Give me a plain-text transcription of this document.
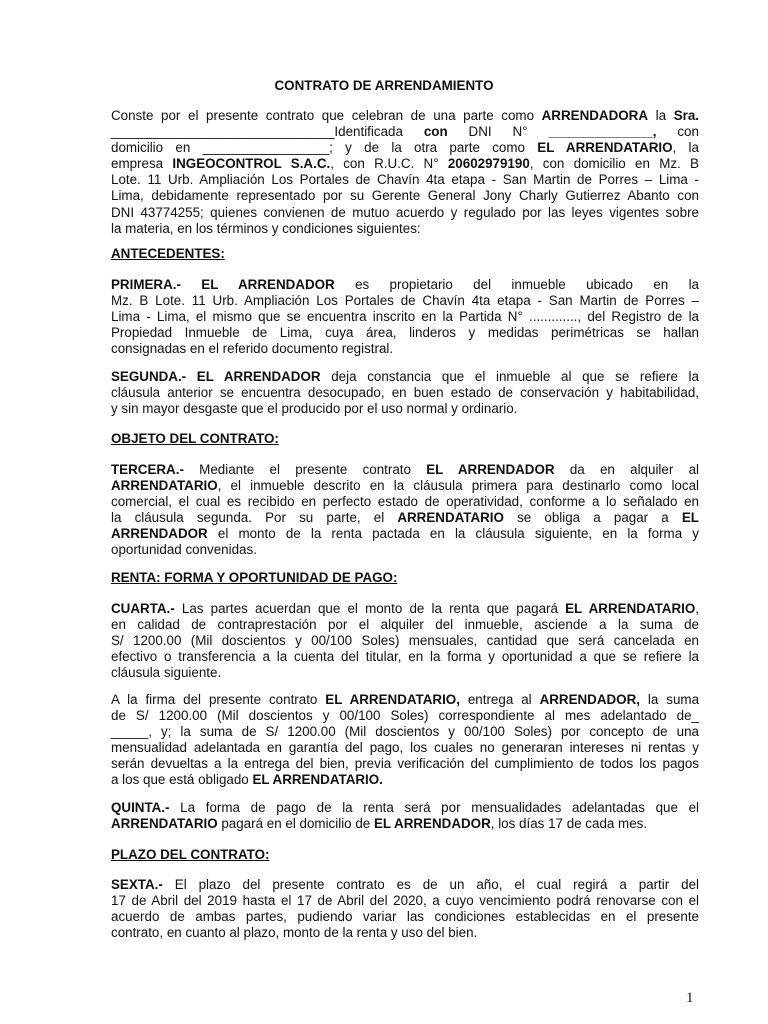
CONTRATO DE ARRENDAMIENTO
Conste por el presente contrato que celebran de una parte como ARRENDADORA la Sra.
______________________________Identificada con DNI N° ______________, con
domicilio en _________________; y de la otra parte como EL ARRENDATARIO, la
empresa INGEOCONTROL S.A.C., con R.U.C. N° 20602979190, con domicilio en Mz. B
Lote. 11 Urb. Ampliación Los Portales de Chavín 4ta etapa - San Martin de Porres – Lima -
Lima, debidamente representado por su Gerente General Jony Charly Gutierrez Abanto con
DNI 43774255; quienes convienen de mutuo acuerdo y regulado por las leyes vigentes sobre
la materia, en los términos y condiciones siguientes:
ANTECEDENTES:
PRIMERA.- EL ARRENDADOR es propietario del inmueble ubicado en la
Mz. B Lote. 11 Urb. Ampliación Los Portales de Chavín 4ta etapa - San Martin de Porres –
Lima - Lima, el mismo que se encuentra inscrito en la Partida N° ............., del Registro de la
Propiedad Inmueble de Lima, cuya área, linderos y medidas perimétricas se hallan
consignadas en el referido documento registral.
SEGUNDA.- EL ARRENDADOR deja constancia que el inmueble al que se refiere la
cláusula anterior se encuentra desocupado, en buen estado de conservación y habitabilidad,
y sin mayor desgaste que el producido por el uso normal y ordinario.
OBJETO DEL CONTRATO:
TERCERA.- Mediante el presente contrato EL ARRENDADOR da en alquiler al
ARRENDATARIO, el inmueble descrito en la cláusula primera para destinarlo como local
comercial, el cual es recibido en perfecto estado de operatividad, conforme a lo señalado en
la cláusula segunda. Por su parte, el ARRENDATARIO se obliga a pagar a EL
ARRENDADOR el monto de la renta pactada en la cláusula siguiente, en la forma y
oportunidad convenidas.
RENTA: FORMA Y OPORTUNIDAD DE PAGO:
CUARTA.- Las partes acuerdan que el monto de la renta que pagará EL ARRENDATARIO,
en calidad de contraprestación por el alquiler del inmueble, asciende a la suma de
S/ 1200.00 (Mil doscientos y 00/100 Soles) mensuales, cantidad que será cancelada en
efectivo o transferencia a la cuenta del titular, en la forma y oportunidad a que se refiere la
cláusula siguiente.
A la firma del presente contrato EL ARRENDATARIO, entrega al ARRENDADOR, la suma
de S/ 1200.00 (Mil doscientos y 00/100 Soles) correspondiente al mes adelantado de_
_____, y; la suma de S/ 1200.00 (Mil doscientos y 00/100 Soles) por concepto de una
mensualidad adelantada en garantía del pago, los cuales no generaran intereses ni rentas y
serán devueltas a la entrega del bien, previa verificación del cumplimiento de todos los pagos
a los que está obligado EL ARRENDATARIO.
QUINTA.- La forma de pago de la renta será por mensualidades adelantadas que el
ARRENDATARIO pagará en el domicilio de EL ARRENDADOR, los días 17 de cada mes.
PLAZO DEL CONTRATO:
SEXTA.- El plazo del presente contrato es de un año, el cual regirá a partir del
17 de Abril del 2019 hasta el 17 de Abril del 2020, a cuyo vencimiento podrá renovarse con el
acuerdo de ambas partes, pudiendo variar las condiciones establecidas en el presente
contrato, en cuanto al plazo, monto de la renta y uso del bien.
1
